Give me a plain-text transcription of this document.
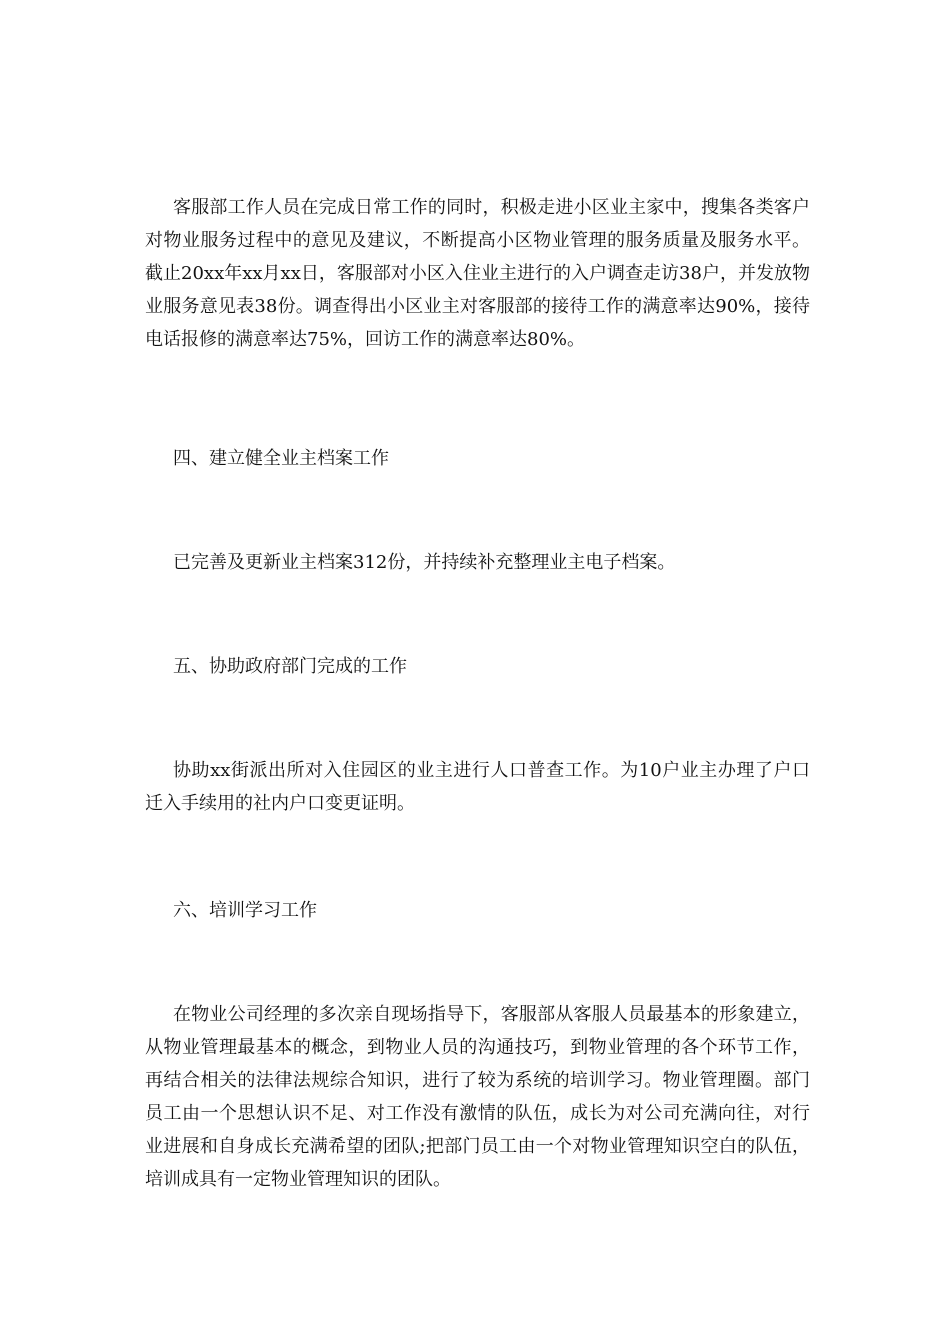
客服部工作人员在完成日常工作的同时，积极走进小区业主家中，搜集各类客户对物业服务过程中的意见及建议，不断提高小区物业管理的服务质量及服务水平。截止20xx年xx月xx日，客服部对小区入住业主进行的入户调查走访38户，并发放物业服务意见表38份。调查得出小区业主对客服部的接待工作的满意率达90%，接待电话报修的满意率达75%，回访工作的满意率达80%。

四、建立健全业主档案工作

已完善及更新业主档案312份，并持续补充整理业主电子档案。

五、协助政府部门完成的工作

协助xx街派出所对入住园区的业主进行人口普查工作。为10户业主办理了户口迁入手续用的社内户口变更证明。

六、培训学习工作

在物业公司经理的多次亲自现场指导下，客服部从客服人员最基本的形象建立，从物业管理最基本的概念，到物业人员的沟通技巧，到物业管理的各个环节工作，再结合相关的法律法规综合知识，进行了较为系统的培训学习。物业管理圈。部门员工由一个思想认识不足、对工作没有激情的队伍，成长为对公司充满向往，对行业进展和自身成长充满希望的团队;把部门员工由一个对物业管理知识空白的队伍，培训成具有一定物业管理知识的团队。
